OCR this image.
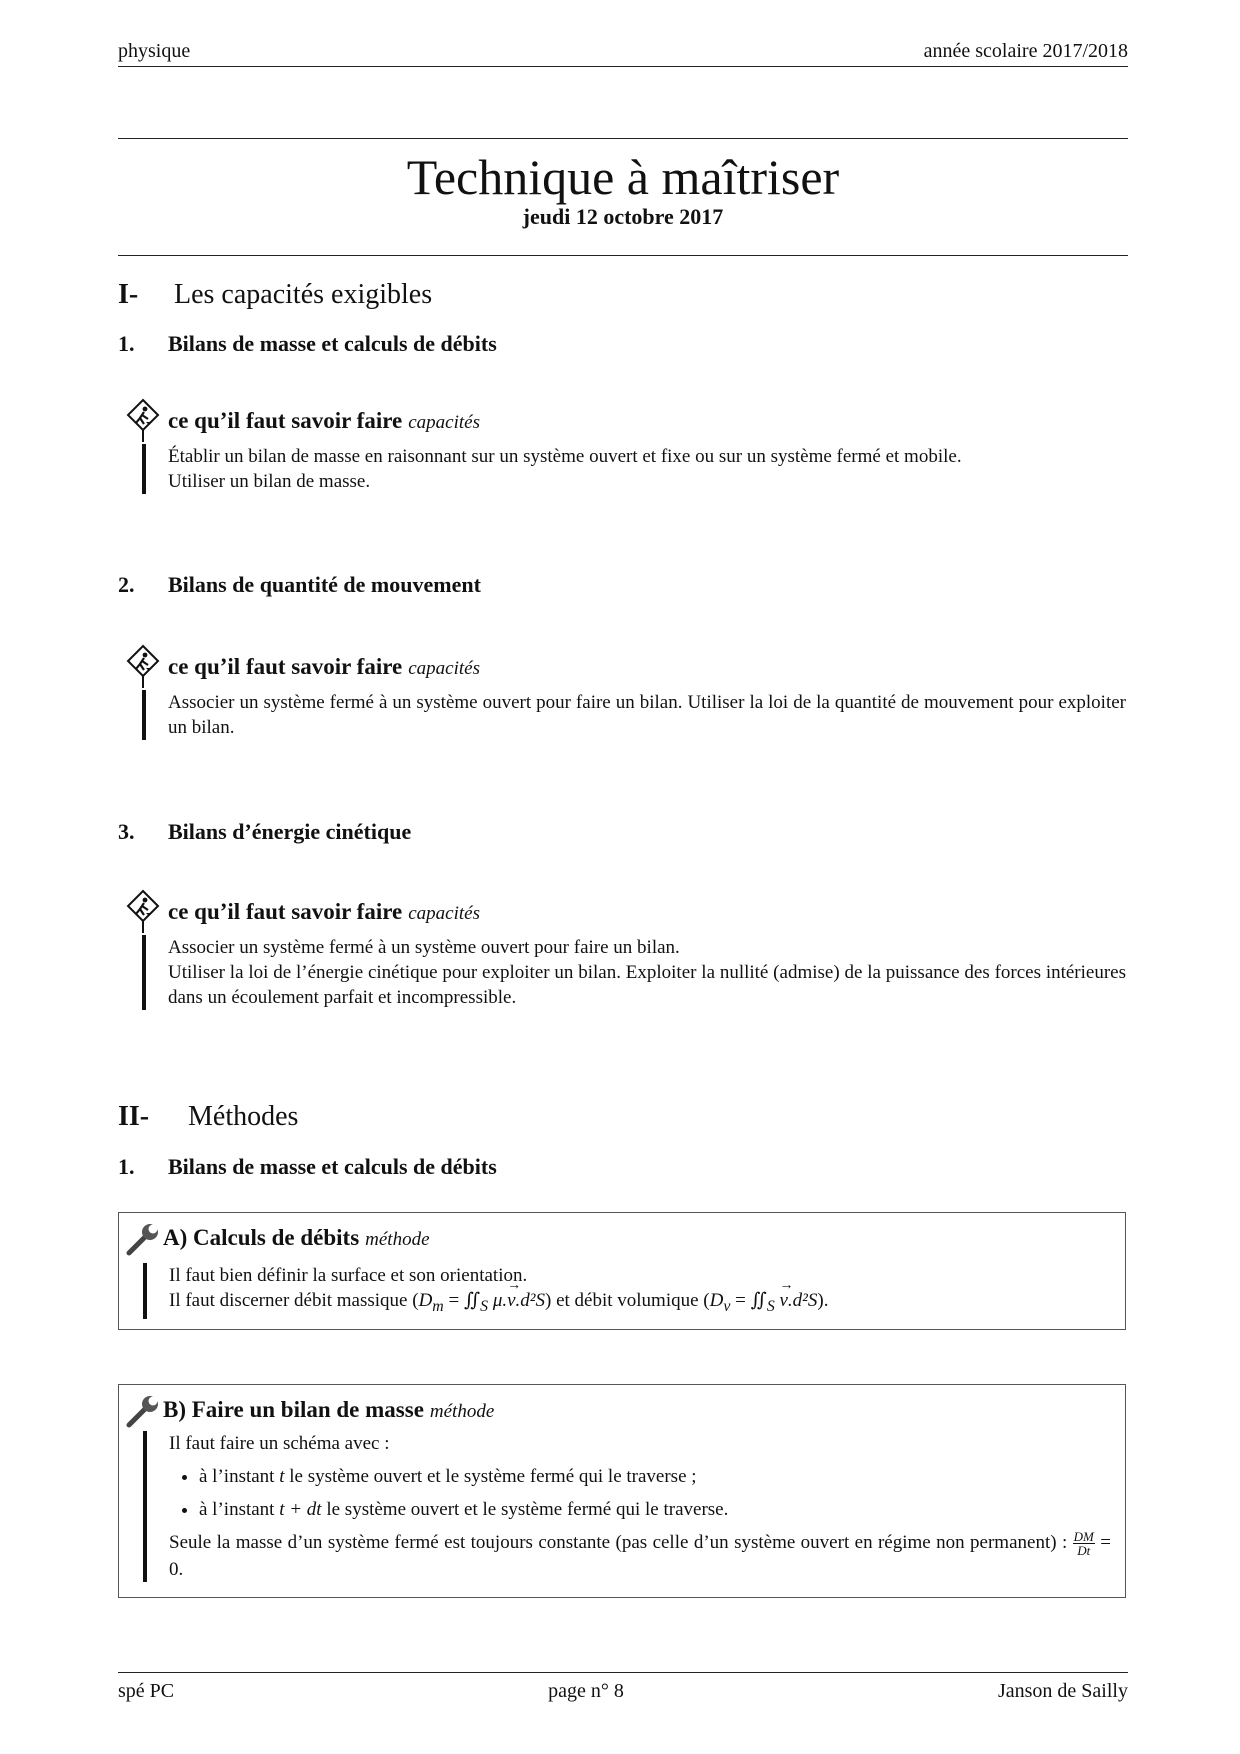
physique	année scolaire 2017/2018
Technique à maîtriser
jeudi 12 octobre 2017
I- Les capacités exigibles
1. Bilans de masse et calculs de débits
ce qu’il faut savoir faire capacités

Établir un bilan de masse en raisonnant sur un système ouvert et fixe ou sur un système fermé et mobile.

Utiliser un bilan de masse.

2. Bilans de quantité de mouvement
ce qu’il faut savoir faire capacités

Associer un système fermé à un système ouvert pour faire un bilan. Utiliser la loi de la quantité de mouvement pour exploiter un bilan.

3. Bilans d’énergie cinétique
ce qu’il faut savoir faire capacités

Associer un système fermé à un système ouvert pour faire un bilan.

Utiliser la loi de l’énergie cinétique pour exploiter un bilan. Exploiter la nullité (admise) de la puissance des forces intérieures dans un écoulement parfait et incompressible.

II- Méthodes
1. Bilans de masse et calculs de débits
A) Calculs de débits méthode

Il faut bien définir la surface et son orientation.

Il faut discerner débit massique ($D_m$ = $∬_S$ μ.→ v.d²S) et débit volumique ($D_v$ = $∬_S \to v.d^2S$).

B) Faire un bilan de masse méthode

Il faut faire un schéma avec :

• à l’instant t le système ouvert et le système fermé qui le traverse ;
• à l’instant t + dt le système ouvert et le système fermé qui le traverse.

Seule la masse d’un système fermé est toujours constante (pas celle d’un système ouvert en régime non permanent) : $\frac{DM}{Dt} = 0$.

spé PC	page n° 8	Janson de Sailly
